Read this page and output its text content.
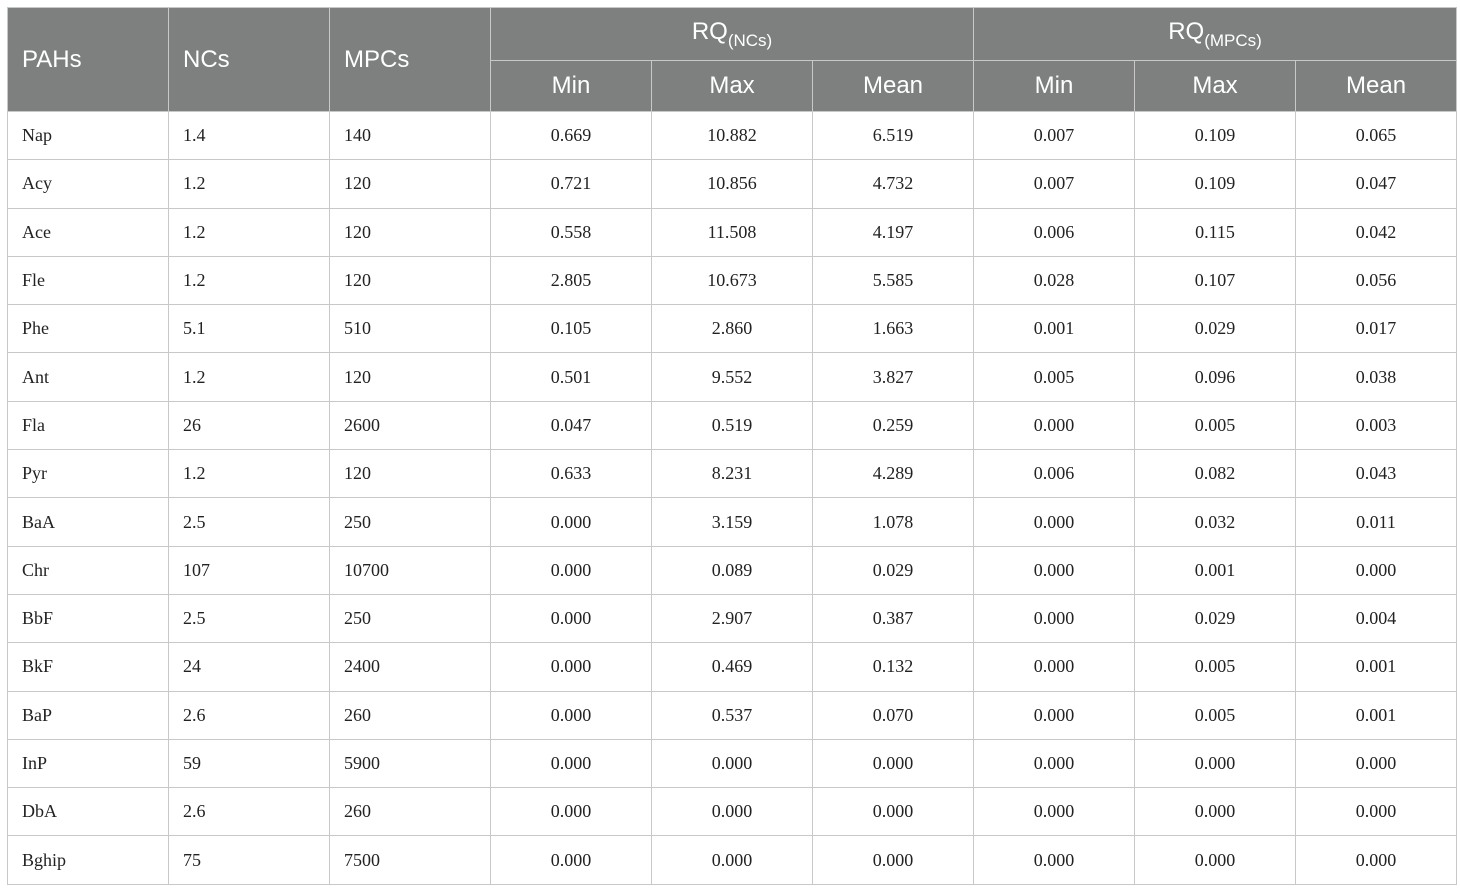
PAHs	NCs	MPCs	$RQ_{(NCs)}$			$RQ_{(MPCs)}$
			Min	Max	Mean	Min	Max	Mean
Nap	1.4	140	0.669	10.882	6.519	0.007	0.109	0.065
Acy	1.2	120	0.721	10.856	4.732	0.007	0.109	0.047
Ace	1.2	120	0.558	11.508	4.197	0.006	0.115	0.042
Fle	1.2	120	2.805	10.673	5.585	0.028	0.107	0.056
Phe	5.1	510	0.105	2.860	1.663	0.001	0.029	0.017
Ant	1.2	120	0.501	9.552	3.827	0.005	0.096	0.038
Fla	26	2600	0.047	0.519	0.259	0.000	0.005	0.003
Pyr	1.2	120	0.633	8.231	4.289	0.006	0.082	0.043
BaA	2.5	250	0.000	3.159	1.078	0.000	0.032	0.011
Chr	107	10700	0.000	0.089	0.029	0.000	0.001	0.000
BbF	2.5	250	0.000	2.907	0.387	0.000	0.029	0.004
BkF	24	2400	0.000	0.469	0.132	0.000	0.005	0.001
BaP	2.6	260	0.000	0.537	0.070	0.000	0.005	0.001
InP	59	5900	0.000	0.000	0.000	0.000	0.000	0.000
DbA	2.6	260	0.000	0.000	0.000	0.000	0.000	0.000
Bghip	75	7500	0.000	0.000	0.000	0.000	0.000	0.000
